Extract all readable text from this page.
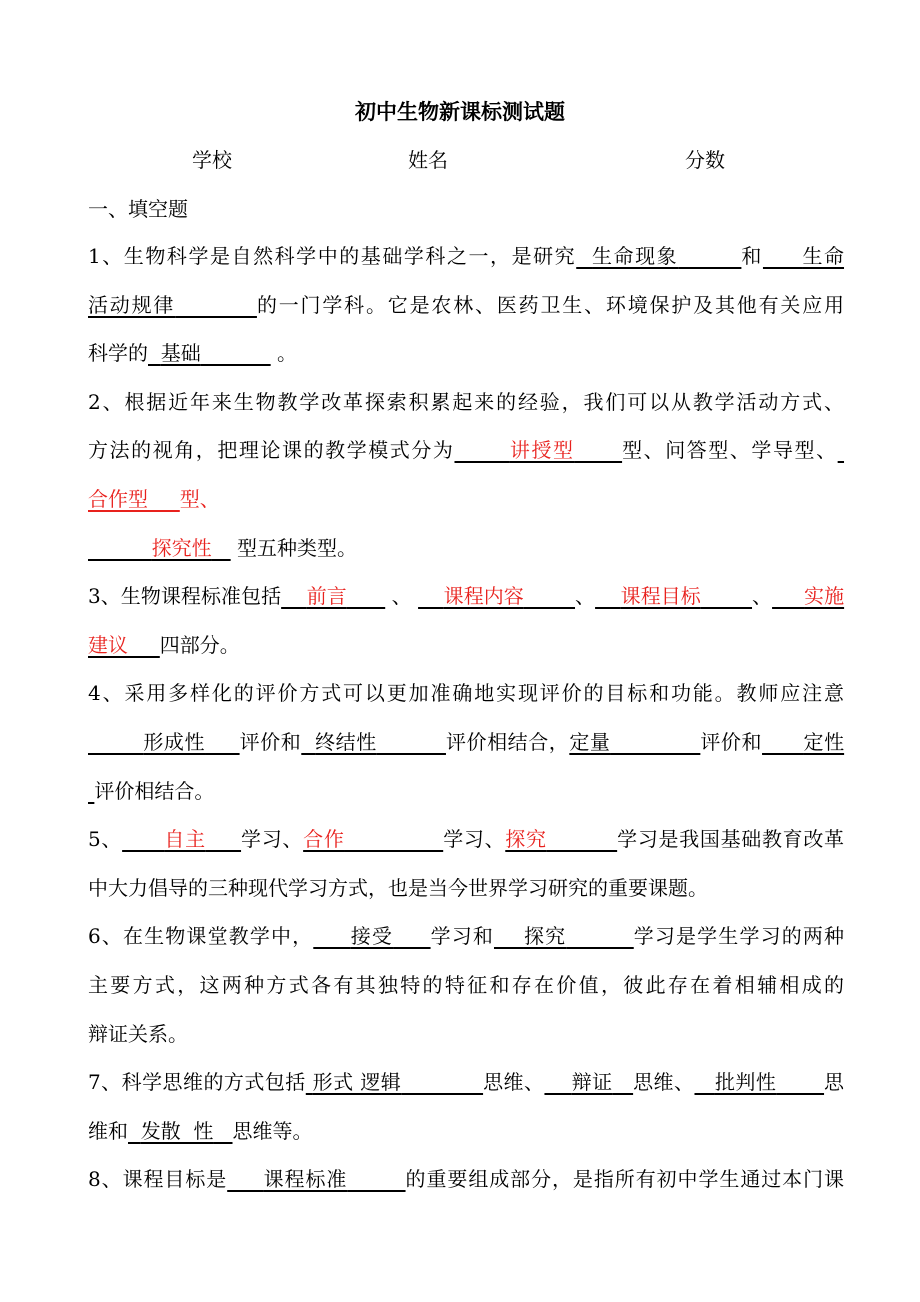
初中生物新课标测试题
学校	姓名	分数
一、填空题
1、生物科学是自然科学中的基础学科之一，是研究 生命现象	和 生命
活动规律	的一门学科。它是农林、医药卫生、环境保护及其他有关应用
科学的 基础	。
2、根据近年来生物教学改革探索积累起来的经验，我们可以从教学活动方式、
方法的视角，把理论课的教学模式分为	讲授型 型、问答型、学导型、
合作型 型、
探究性 型五种类型。
3、生物课程标准包括 前言 、 课程内容	、 课程目标	、 实施
建议 四部分。
4、采用多样化的评价方式可以更加准确地实现评价的目标和功能。教师应注意
形成性 评价和 终结性	评价相结合，定量	评价和 定性
评价相结合。
5、 自主 学习、合作	学习、探究	学习是我国基础教育改革
中大力倡导的三种现代学习方式，也是当今世界学习研究的重要课题。
6、在生物课堂教学中， 接受 学习和 探究	学习是学生学习的两种
主要方式，这两种方式各有其独特的特征和存在价值，彼此存在着相辅相成的
辩证关系。
7、科学思维的方式包括 形式 逻辑	思维、 辩证 思维、 批判性 思
维和 发散  性 思维等。
8、课程目标是 课程标准	的重要组成部分，是指所有初中学生通过本门课
